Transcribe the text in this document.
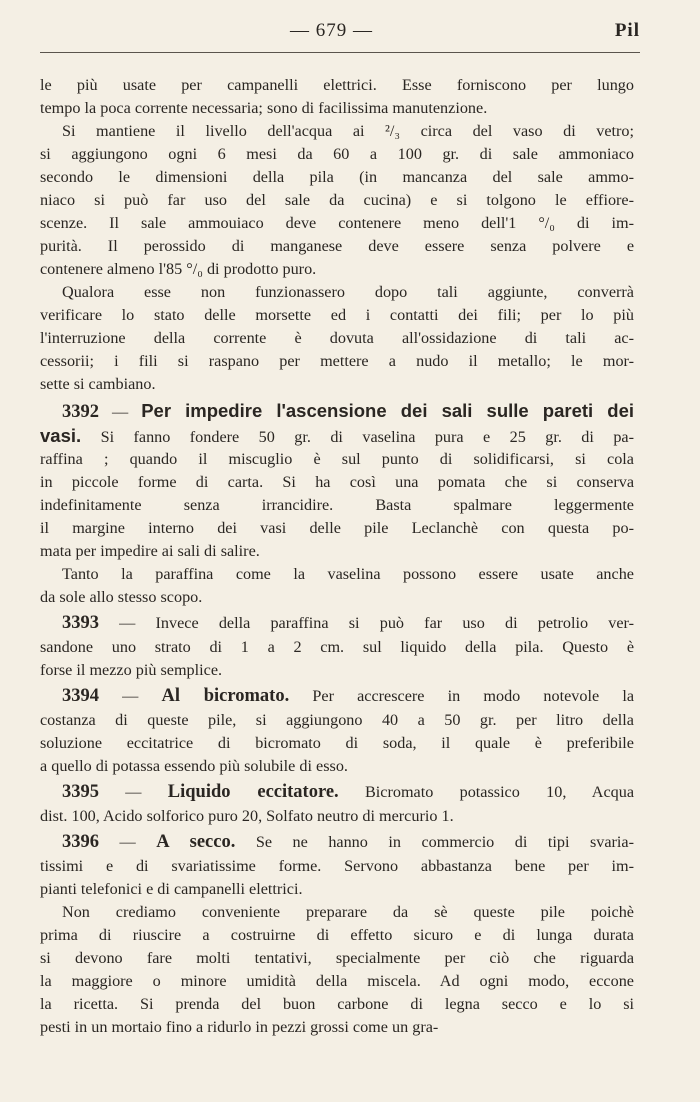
— 679 —	Pil
le più usate per campanelli elettrici. Esse forniscono per lungo
tempo la poca corrente necessaria; sono di facilissima manutenzione.
Si mantiene il livello dell'acqua ai ²/₃ circa del vaso di vetro;
si aggiungono ogni 6 mesi da 60 a 100 gr. di sale ammoniaco
secondo le dimensioni della pila (in mancanza del sale ammo-
niaco si può far uso del sale da cucina) e si tolgono le effiore-
scenze. Il sale ammouiaco deve contenere meno dell'1 °/₀ di im-
purità. Il perossido di manganese deve essere senza polvere e
contenere almeno l'85 °/₀ di prodotto puro.
Qualora esse non funzionassero dopo tali aggiunte, converrà
verificare lo stato delle morsette ed i contatti dei fili; per lo più
l'interruzione della corrente è dovuta all'ossidazione di tali ac-
cessorii; i fili si raspano per mettere a nudo il metallo; le mor-
sette si cambiano.
3392 — Per impedire l'ascensione dei sali sulle pareti dei
vasi. Si fanno fondere 50 gr. di vaselina pura e 25 gr. di pa-
raffina ; quando il miscuglio è sul punto di solidificarsi, si cola
in piccole forme di carta. Si ha così una pomata che si conserva
indefinitamente senza irrancidire. Basta spalmare leggermente
il margine interno dei vasi delle pile Leclanchè con questa po-
mata per impedire ai sali di salire.
Tanto la paraffina come la vaselina possono essere usate anche
da sole allo stesso scopo.
3393 — Invece della paraffina si può far uso di petrolio ver-
sandone uno strato di 1 a 2 cm. sul liquido della pila. Questo è
forse il mezzo più semplice.
3394 — Al bicromato. Per accrescere in modo notevole la
costanza di queste pile, si aggiungono 40 a 50 gr. per litro della
soluzione eccitatrice di bicromato di soda, il quale è preferibile
a quello di potassa essendo più solubile di esso.
3395 — Liquido eccitatore. Bicromato potassico 10, Acqua
dist. 100, Acido solforico puro 20, Solfato neutro di mercurio 1.
3396 — A secco. Se ne hanno in commercio di tipi svaria-
tissimi e di svariatissime forme. Servono abbastanza bene per im-
pianti telefonici e di campanelli elettrici.
Non crediamo conveniente preparare da sè queste pile poichè
prima di riuscire a costruirne di effetto sicuro e di lunga durata
si devono fare molti tentativi, specialmente per ciò che riguarda
la maggiore o minore umidità della miscela. Ad ogni modo, eccone
la ricetta. Si prenda del buon carbone di legna secco e lo si
pesti in un mortaio fino a ridurlo in pezzi grossi come un gra-
